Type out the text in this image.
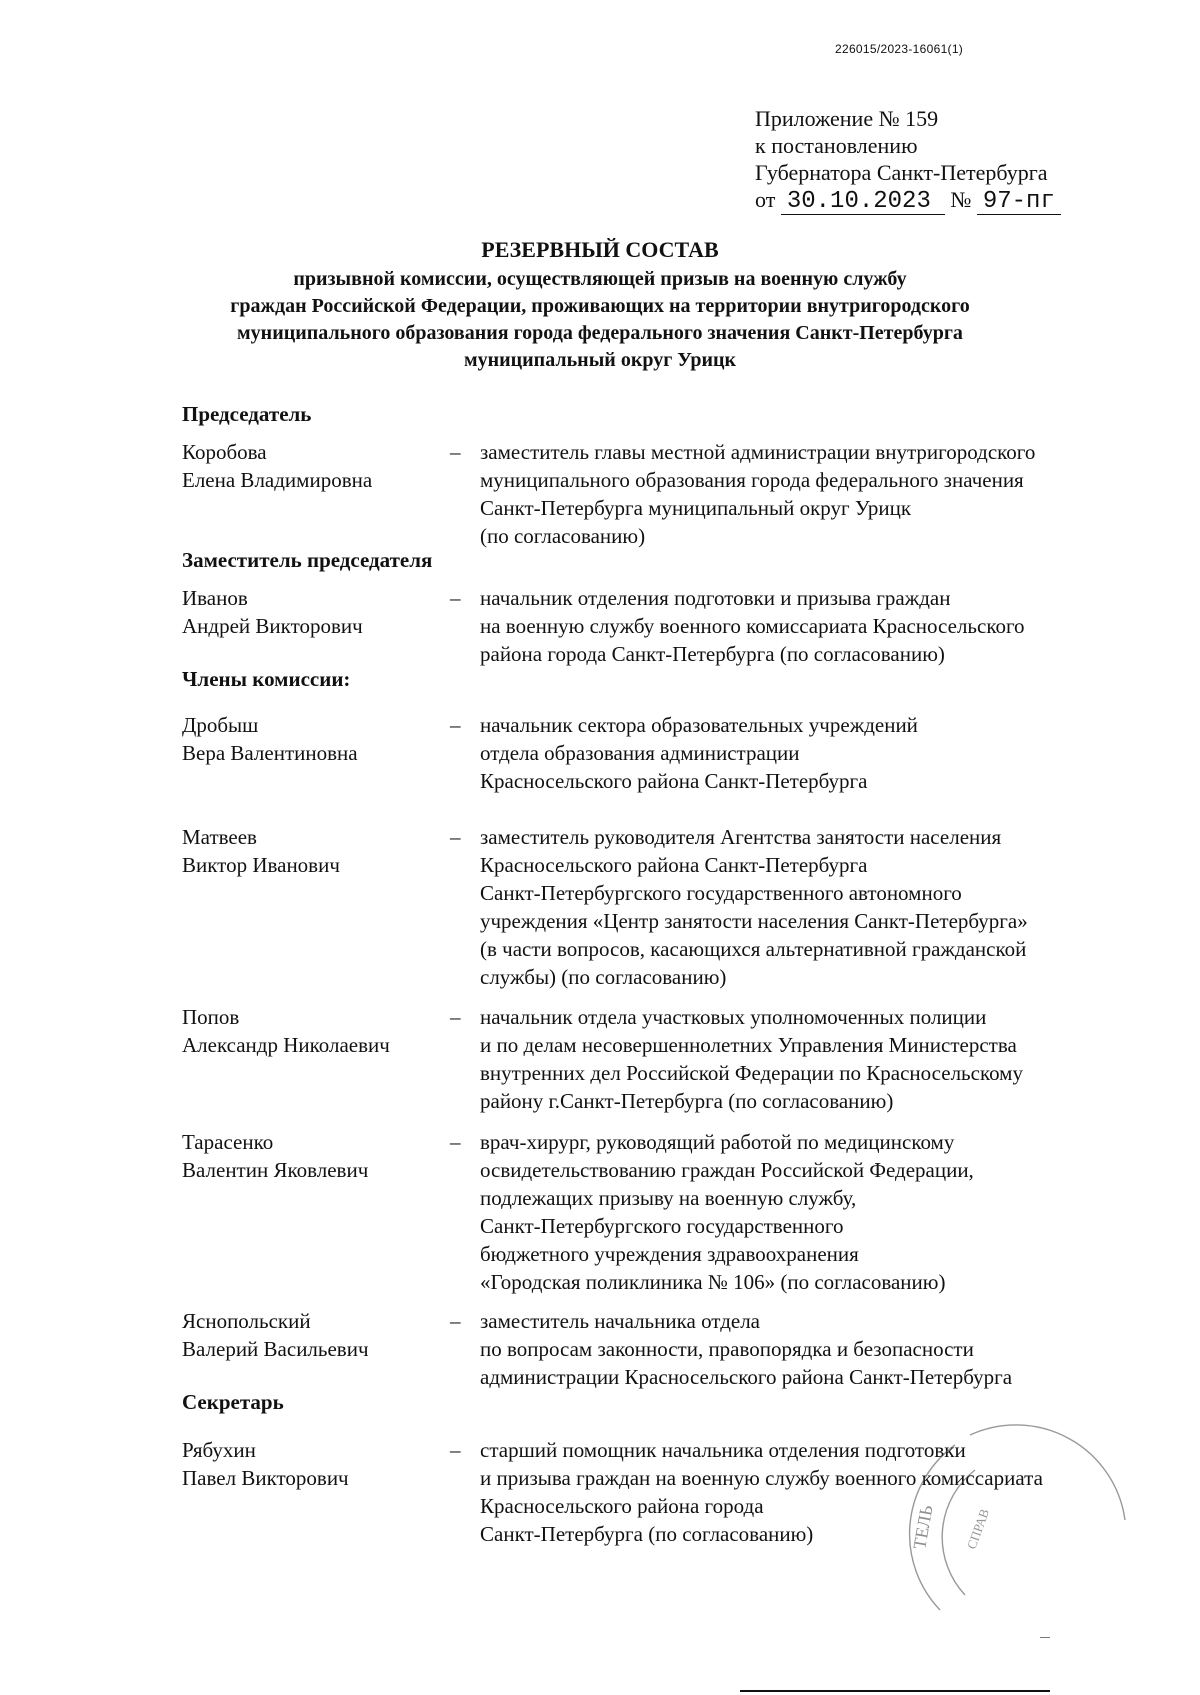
226015/2023-16061(1)
Приложение № 159
к постановлению
Губернатора Санкт-Петербурга
от 30.10.2023 № 97-пг
РЕЗЕРВНЫЙ СОСТАВ
призывной комиссии, осуществляющей призыв на военную службу
граждан Российской Федерации, проживающих на территории внутригородского
муниципального образования города федерального значения Санкт-Петербурга
муниципальный округ Урицк
Председатель
Коробова
Елена Владимировна
– заместитель главы местной администрации внутригородского
муниципального образования города федерального значения
Санкт-Петербурга муниципальный округ Урицк
(по согласованию)
Заместитель председателя
Иванов
Андрей Викторович
– начальник отделения подготовки и призыва граждан
на военную службу военного комиссариата Красносельского
района города Санкт-Петербурга (по согласованию)
Члены комиссии:
Дробыш
Вера Валентиновна
– начальник сектора образовательных учреждений
отдела образования администрации
Красносельского района Санкт-Петербурга
Матвеев
Виктор Иванович
– заместитель руководителя Агентства занятости населения
Красносельского района Санкт-Петербурга
Санкт-Петербургского государственного автономного
учреждения «Центр занятости населения Санкт-Петербурга»
(в части вопросов, касающихся альтернативной гражданской
службы) (по согласованию)
Попов
Александр Николаевич
– начальник отдела участковых уполномоченных полиции
и по делам несовершеннолетних Управления Министерства
внутренних дел Российской Федерации по Красносельскому
району г.Санкт-Петербурга (по согласованию)
Тарасенко
Валентин Яковлевич
– врач-хирург, руководящий работой по медицинскому
освидетельствованию граждан Российской Федерации,
подлежащих призыву на военную службу,
Санкт-Петербургского государственного
бюджетного учреждения здравоохранения
«Городская поликлиника № 106» (по согласованию)
Яснопольский
Валерий Васильевич
– заместитель начальника отдела
по вопросам законности, правопорядка и безопасности
администрации Красносельского района Санкт-Петербурга
Секретарь
Рябухин
Павел Викторович
– старший помощник начальника отделения подготовки
и призыва граждан на военную службу военного комиссариата
Красносельского района города
Санкт-Петербурга (по согласованию)	ТЕЛЬ СПРАВ
